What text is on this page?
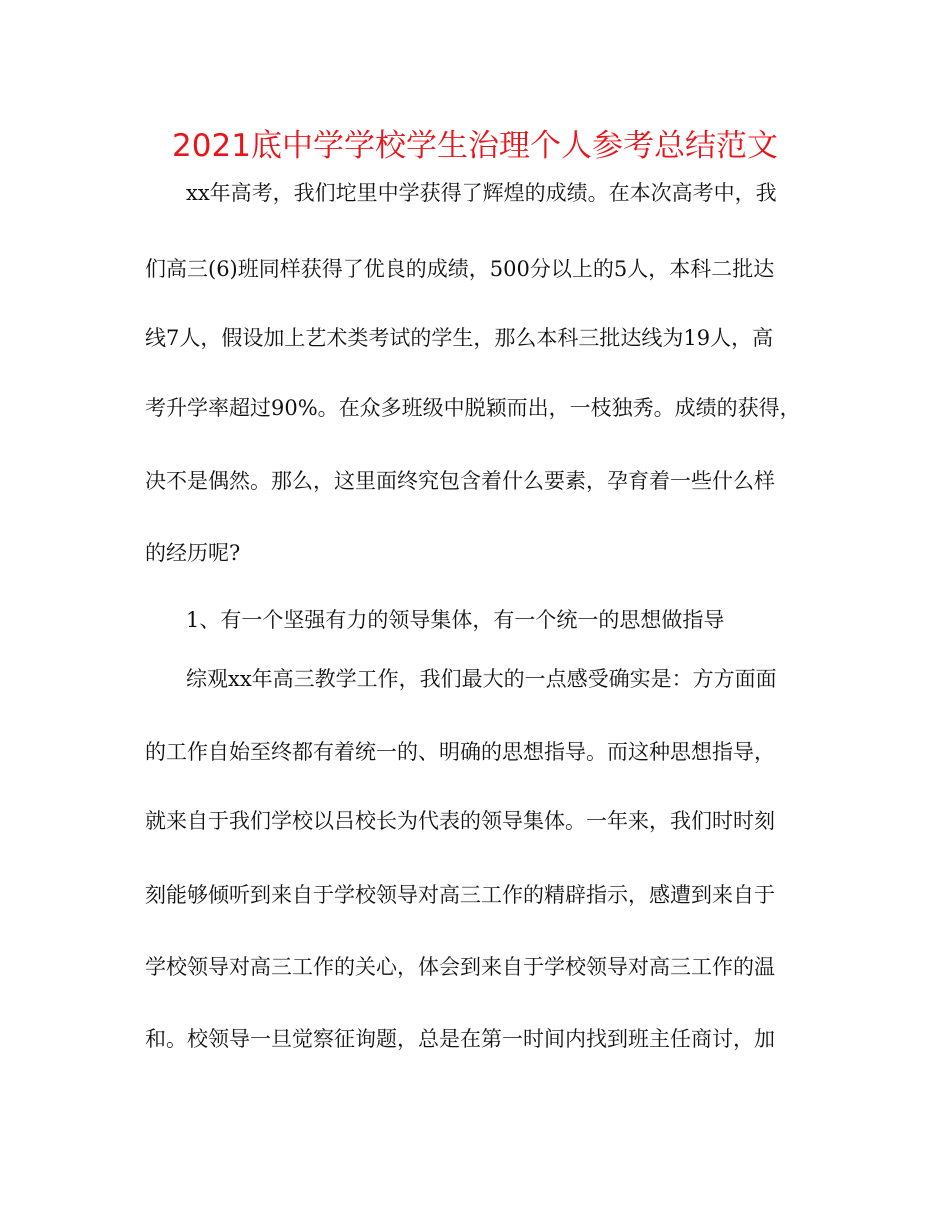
2021底中学学校学生治理个人参考总结范文
xx年高考，我们坨里中学获得了辉煌的成绩。在本次高考中，我
们高三(6)班同样获得了优良的成绩，500分以上的5人，本科二批达
线7人，假设加上艺术类考试的学生，那么本科三批达线为19人，高
考升学率超过90%。在众多班级中脱颖而出，一枝独秀。成绩的获得，
决不是偶然。那么，这里面终究包含着什么要素，孕育着一些什么样
的经历呢?
1、有一个坚强有力的领导集体，有一个统一的思想做指导
综观xx年高三教学工作，我们最大的一点感受确实是：方方面面
的工作自始至终都有着统一的、明确的思想指导。而这种思想指导，
就来自于我们学校以吕校长为代表的领导集体。一年来，我们时时刻
刻能够倾听到来自于学校领导对高三工作的精辟指示，感遭到来自于
学校领导对高三工作的关心，体会到来自于学校领导对高三工作的温
和。校领导一旦觉察征询题，总是在第一时间内找到班主任商讨，加
